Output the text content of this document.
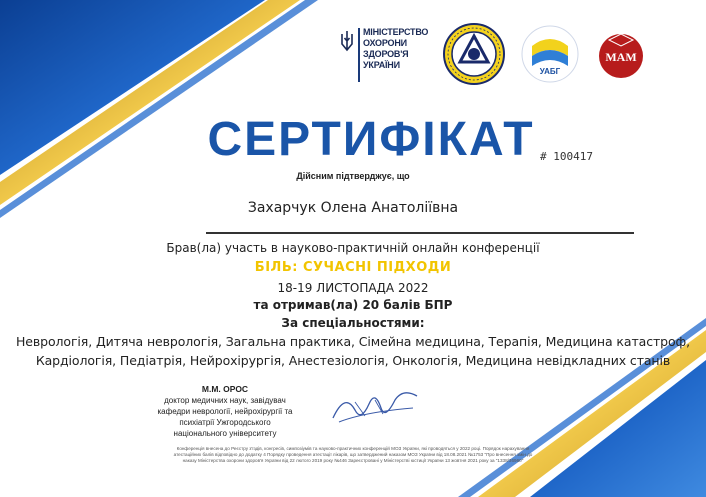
МІНІСТЕРСТВО
ОХОРОНИ
ЗДОРОВ'Я
УКРАЇНИ
УАБГ
MAM
СЕРТИФІКАТ # 100417
Дійсним підтверджує, що
Захарчук Олена Анатоліївна
Брав(ла) участь в науково-практичній онлайн конференції
БІЛЬ: СУЧАСНІ ПІДХОДИ
18-19 ЛИСТОПАДА 2022
та отримав(ла) 20 балів БПР
За спеціальностями:
Неврологія, Дитяча неврологія, Загальна практика, Сімейна медицина, Терапія, Медицина катастроф,
Кардіологія, Педіатрія, Нейрохірургія, Анестезіологія, Онкологія, Медицина невідкладних станів
М.М. ОРОС
доктор медичних наук, завідувач
кафедри неврології, нейрохірургії та
психіатрії Ужгородського
національного університету
Конференція внесена до Реєстру з'їздів, конгресів, симпозіумів та науково-практичних конференцій МОЗ України, які проводяться у 2022 році. Порядок нарахування
атестаційних балів відповідно до додатку 4 Порядку проведення атестації лікарів, що затверджений наказом МОЗ України від 18.08.2021 №1753 "Про внесення змін до
наказу Міністерства охорони здоров'я України від 22 лютого 2019 року №446 Зареєстровані у Міністерстві юстиції України 13 жовтня 2021 року за "1338/36960"
